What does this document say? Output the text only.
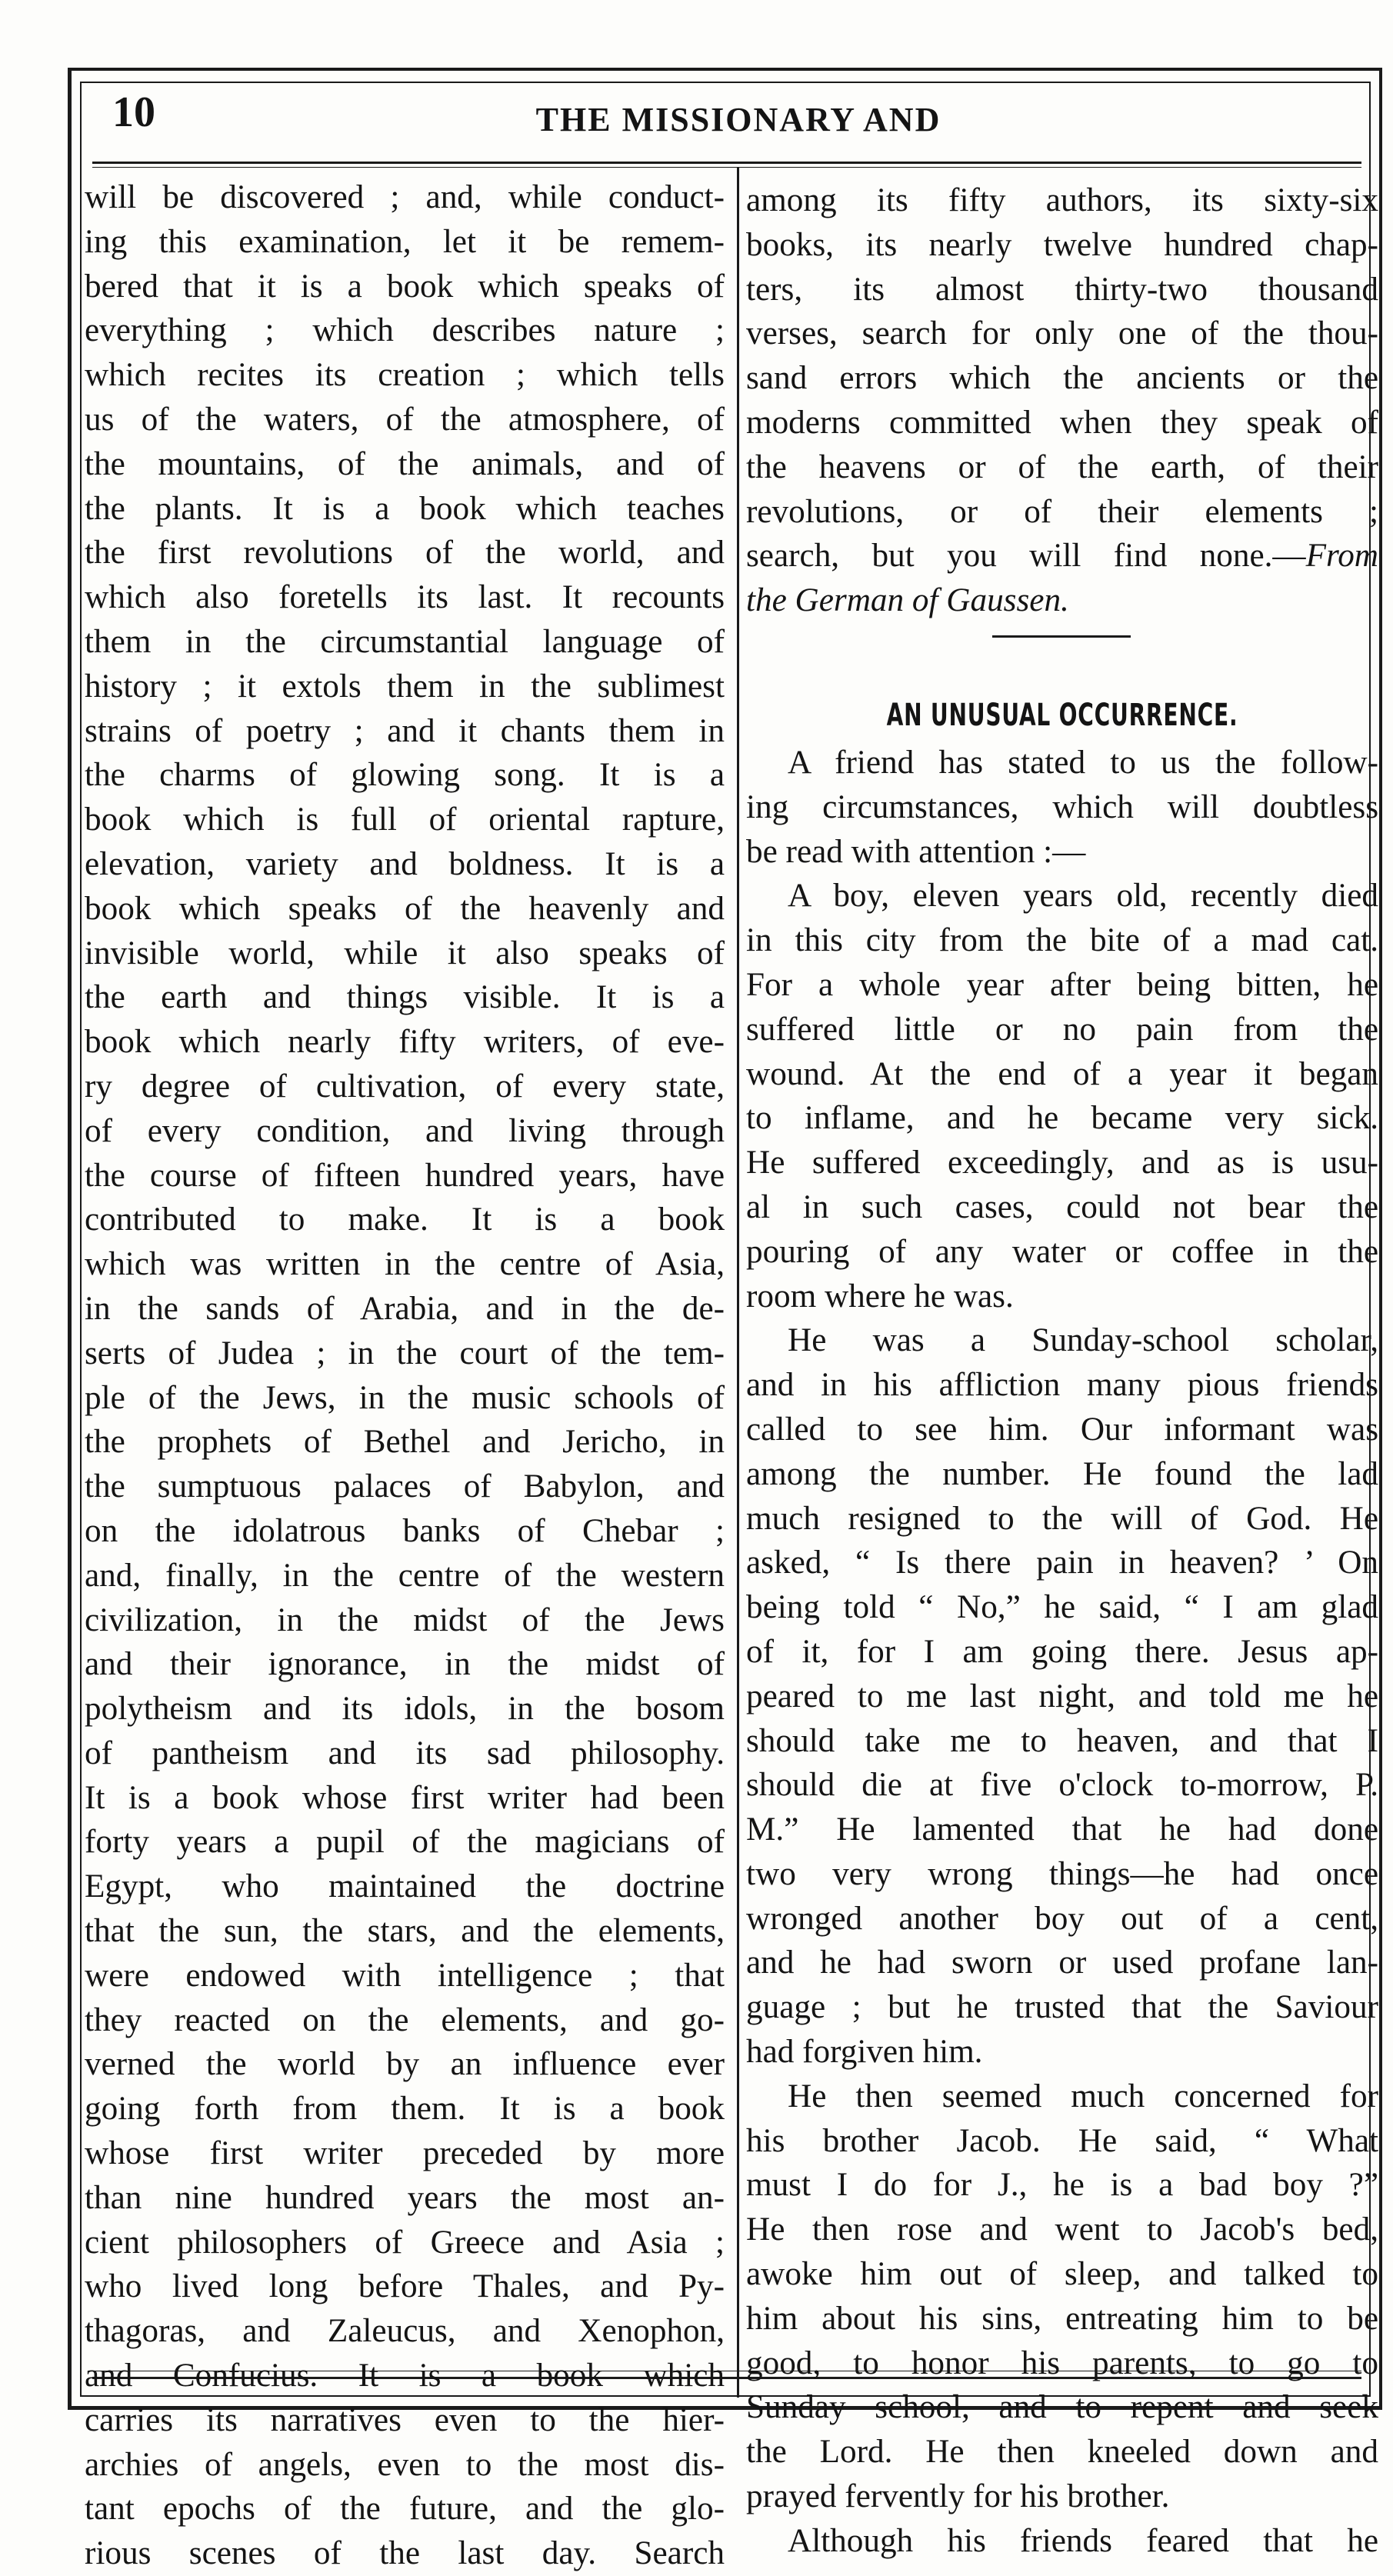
10	THE MISSIONARY AND
will be discovered ; and, while conduct-
ing this examination, let it be remem-
bered that it is a book which speaks of
everything ; which describes nature ;
which recites its creation ; which tells
us of the waters, of the atmosphere, of
the mountains, of the animals, and of
the plants. It is a book which teaches
the first revolutions of the world, and
which also foretells its last. It recounts
them in the circumstantial language of
history ; it extols them in the sublimest
strains of poetry ; and it chants them in
the charms of glowing song. It is a
book which is full of oriental rapture,
elevation, variety and boldness. It is a
book which speaks of the heavenly and
invisible world, while it also speaks of
the earth and things visible. It is a
book which nearly fifty writers, of eve-
ry degree of cultivation, of every state,
of every condition, and living through
the course of fifteen hundred years, have
contributed to make. It is a book
which was written in the centre of Asia,
in the sands of Arabia, and in the de-
serts of Judea ; in the court of the tem-
ple of the Jews, in the music schools of
the prophets of Bethel and Jericho, in
the sumptuous palaces of Babylon, and
on the idolatrous banks of Chebar ;
and, finally, in the centre of the western
civilization, in the midst of the Jews
and their ignorance, in the midst of
polytheism and its idols, in the bosom
of pantheism and its sad philosophy.
It is a book whose first writer had been
forty years a pupil of the magicians of
Egypt, who maintained the doctrine
that the sun, the stars, and the elements,
were endowed with intelligence ; that
they reacted on the elements, and go-
verned the world by an influence ever
going forth from them. It is a book
whose first writer preceded by more
than nine hundred years the most an-
cient philosophers of Greece and Asia ;
who lived long before Thales, and Py-
thagoras, and Zaleucus, and Xenophon,
and Confucius. It is a book which
carries its narratives even to the hier-
archies of angels, even to the most dis-
tant epochs of the future, and the glo-
rious scenes of the last day. Search
among its fifty authors, its sixty-six
books, its nearly twelve hundred chap-
ters, its almost thirty-two thousand
verses, search for only one of the thou-
sand errors which the ancients or the
moderns committed when they speak of
the heavens or of the earth, of their
revolutions, or of their elements ;
search, but you will find none.—From
the German of Gaussen.
AN UNUSUAL OCCURRENCE.
A friend has stated to us the follow-
ing circumstances, which will doubtless
be read with attention :—
A boy, eleven years old, recently died
in this city from the bite of a mad cat.
For a whole year after being bitten, he
suffered little or no pain from the
wound. At the end of a year it began
to inflame, and he became very sick.
He suffered exceedingly, and as is usu-
al in such cases, could not bear the
pouring of any water or coffee in the
room where he was.
He was a Sunday-school scholar,
and in his affliction many pious friends
called to see him. Our informant was
among the number. He found the lad
much resigned to the will of God. He
asked, “ Is there pain in heaven? ’ On
being told “ No,” he said, “ I am glad
of it, for I am going there. Jesus ap-
peared to me last night, and told me he
should take me to heaven, and that I
should die at five o'clock to-morrow, P.
M.” He lamented that he had done
two very wrong things—he had once
wronged another boy out of a cent,
and he had sworn or used profane lan-
guage ; but he trusted that the Saviour
had forgiven him.
He then seemed much concerned for
his brother Jacob. He said, “ What
must I do for J., he is a bad boy ?”
He then rose and went to Jacob's bed,
awoke him out of sleep, and talked to
him about his sins, entreating him to be
good, to honor his parents, to go to
Sunday school, and to repent and seek
the Lord. He then kneeled down and
prayed fervently for his brother.
Although his friends feared that he
